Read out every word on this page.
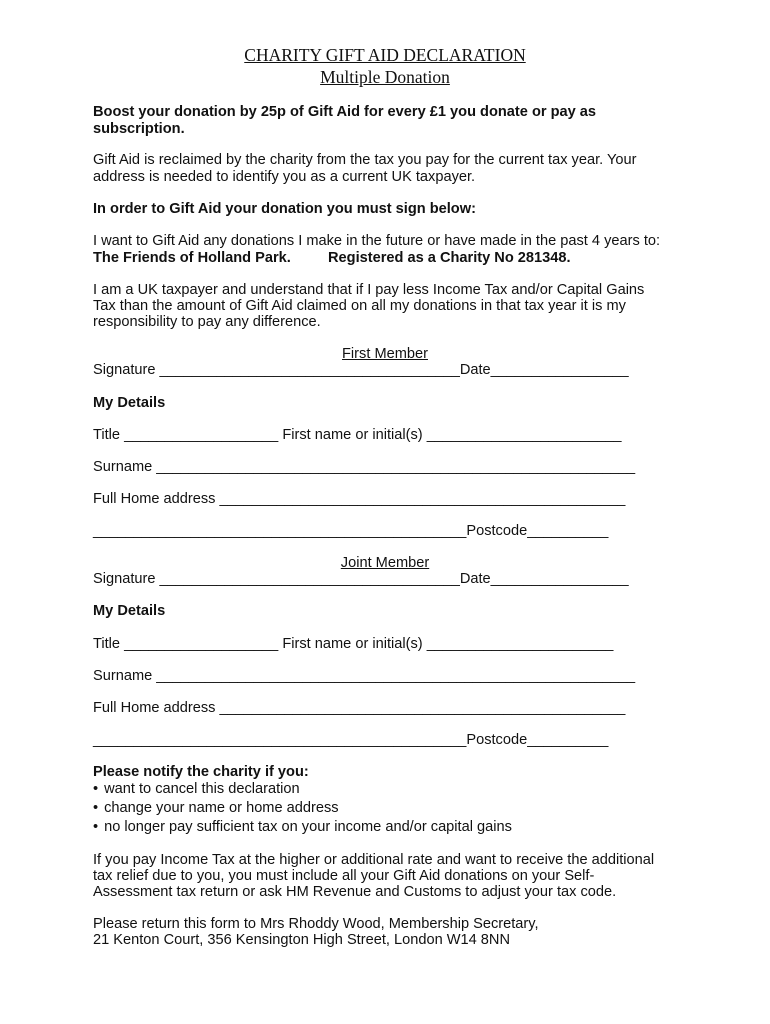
CHARITY GIFT AID DECLARATION
Multiple Donation
Boost your donation by 25p of Gift Aid for every £1 you donate or pay as
subscription.
Gift Aid is reclaimed by the charity from the tax you pay for the current tax year. Your
address is needed to identify you as a current UK taxpayer.
In order to Gift Aid your donation you must sign below:
I want to Gift Aid any donations I make in the future or have made in the past 4 years to:
The Friends of Holland Park.	Registered as a Charity No 281348.
I am a UK taxpayer and understand that if I pay less Income Tax and/or Capital Gains
Tax than the amount of Gift Aid claimed on all my donations in that tax year it is my
responsibility to pay any difference.
First Member
Signature _____________________________________Date_________________
My Details
Title ___________________ First name or initial(s) ________________________
Surname ___________________________________________________________
Full Home address __________________________________________________
______________________________________________Postcode__________
Joint Member
Signature _____________________________________Date_________________
My Details
Title ___________________ First name or initial(s) _______________________
Surname ___________________________________________________________
Full Home address __________________________________________________
______________________________________________Postcode__________
Please notify the charity if you:
• want to cancel this declaration
• change your name or home address
• no longer pay sufficient tax on your income and/or capital gains
If you pay Income Tax at the higher or additional rate and want to receive the additional
tax relief due to you, you must include all your Gift Aid donations on your Self-
Assessment tax return or ask HM Revenue and Customs to adjust your tax code.
Please return this form to Mrs Rhoddy Wood, Membership Secretary,
21 Kenton Court, 356 Kensington High Street, London W14 8NN
